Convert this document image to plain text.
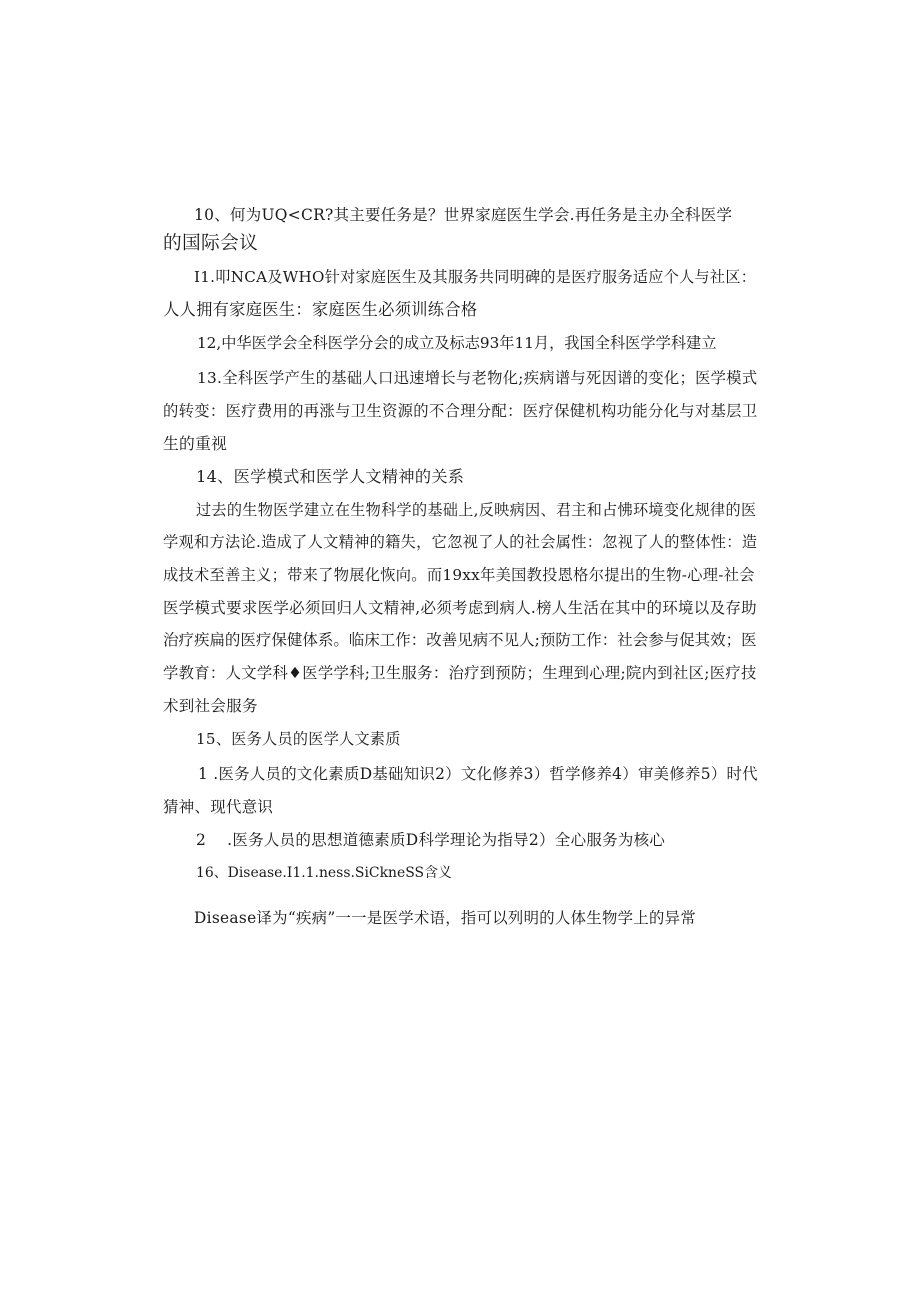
10、何为UQ<CR?其主要任务是？世界家庭医生学会.再任务是主办全科医学
的国际会议
I1.叩NCA及WHO针对家庭医生及其服务共同明碑的是医疗服务适应个人与社区：
人人拥有家庭医生：家庭医生必须训练合格
12,中华医学会全科医学分会的成立及标志93年11月，我国全科医学学科建立
13.全科医学产生的基础人口迅速增长与老物化;疾病谱与死因谱的变化；医学模式
的转变：医疗费用的再涨与卫生资源的不合理分配：医疗保健机构功能分化与对基层卫
生的重视
14、医学模式和医学人文精神的关系
过去的生物医学建立在生物科学的基础上,反映病因、君主和占怫环境变化规律的医
学观和方法论.造成了人文精神的籍失，它忽视了人的社会属性：忽视了人的整体性：造
成技术至善主义；带来了物展化恢向。而19xx年美国教投恩格尔提出的生物-心理-社会
医学模式要求医学必须回归人文精神,必须考虑到病人.榜人生活在其中的环境以及存助
治疗疾扁的医疗保健体系。临床工作：改善见病不见人;预防工作：社会参与促其效；医
学教育：人文学科♦医学学科;卫生服务：治疗到预防；生理到心理;院内到社区;医疗技
术到社会服务
15、医务人员的医学人文素质
1 .医务人员的文化素质D基础知识2）文化修养3）哲学修养4）审美修养5）时代
猜神、现代意识
2　 .医务人员的思想道德素质D科学理论为指导2）全心服务为核心
16、Disease.I1.1.ness.SiCkneSS含义
Disease译为“疾病”一一是医学术语，指可以列明的人体生物学上的异常
